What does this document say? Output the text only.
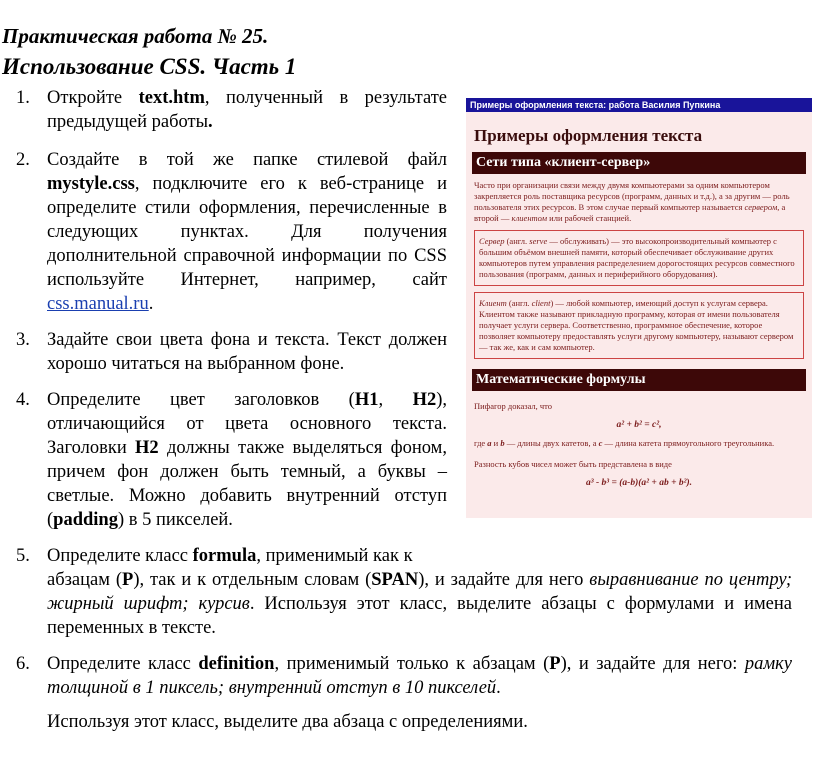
Практическая работа № 25.
Использование CSS. Часть 1
1. Откройте text.htm, полученный в результате предыдущей работы.
2. Создайте в той же папке стилевой файл mystyle.css, подключите его к веб-странице и определите стили оформления, перечисленные в следующих пунктах. Для получения дополнительной справочной информации по CSS используйте Интернет, например, сайт css.manual.ru.
3. Задайте свои цвета фона и текста. Текст должен хорошо читаться на выбранном фоне.
4. Определите цвет заголовков (H1, H2), отличающийся от цвета основного текста. Заголовки H2 должны также выделяться фоном, причем фон должен быть темный, а буквы – светлые. Можно добавить внутренний отступ (padding) в 5 пикселей.
5. Определите класс formula, применимый как к
абзацам (P), так и к отдельным словам (SPAN), и задайте для него выравнивание по центру; жирный шрифт; курсив. Используя этот класс, выделите абзацы с формулами и имена переменных в тексте.
6. Определите класс definition, применимый только к абзацам (P), и задайте для него: рамку толщиной в 1 пиксель; внутренний отступ в 10 пикселей.
Используя этот класс, выделите два абзаца с определениями.
Примеры оформления текста: работа Василия Пупкина
Примеры оформления текста
Сети типа «клиент-сервер»
Часто при организации связи между двумя компьютерами за одним компьютером закрепляется роль поставщика ресурсов (программ, данных и т.д.), а за другим — роль пользователя этих ресурсов. В этом случае первый компьютер называется сервером, а второй — клиентом или рабочей станцией.
Сервер (англ. serve — обслуживать) — это высокопроизводительный компьютер с большим объёмом внешней памяти, который обеспечивает обслуживание других компьютеров путем управления распределением дорогостоящих ресурсов совместного пользования (программ, данных и периферийного оборудования).
Клиент (англ. client) — любой компьютер, имеющий доступ к услугам сервера. Клиентом также называют прикладную программу, которая от имени пользователя получает услуги сервера. Соответственно, программное обеспечение, которое позволяет компьютеру предоставлять услуги другому компьютеру, называют сервером — так же, как и сам компьютер.
Математические формулы
Пифагор доказал, что
a² + b² = c²,
где a и b — длины двух катетов, а c — длина катета прямоугольного треугольника.
Разность кубов чисел может быть представлена в виде
a³ - b³ = (a-b)(a² + ab + b²).
